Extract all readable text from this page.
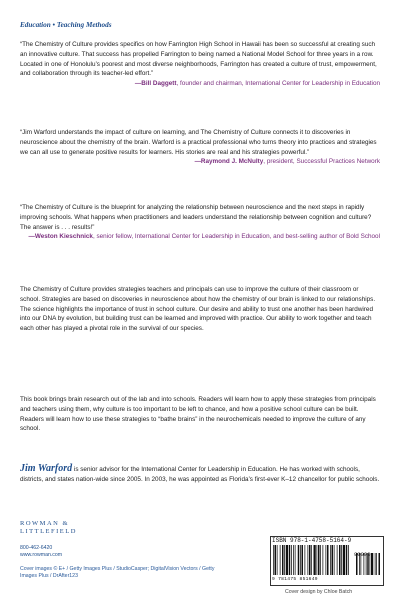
Education • Teaching Methods

“The Chemistry of Culture provides specifics on how Farrington High School in Hawaii has been so successful at creating such an innovative culture. That success has propelled Farrington to being named a National Model School for three years in a row. Located in one of Honolulu’s poorest and most diverse neighborhoods, Farrington has created a culture of trust, empowerment, and collaboration through its teacher-led effort.”
—Bill Daggett, founder and chairman, International Center for Leadership in Education

“Jim Warford understands the impact of culture on learning, and The Chemistry of Culture connects it to discoveries in neuroscience about the chemistry of the brain. Warford is a practical professional who turns theory into practices and strategies we can all use to generate positive results for learners. His stories are real and his strategies powerful.”
—Raymond J. McNulty, president, Successful Practices Network

“The Chemistry of Culture is the blueprint for analyzing the relationship between neuroscience and the next steps in rapidly improving schools. What happens when practitioners and leaders understand the relationship between cognition and culture? The answer is . . . results!”
—Weston Kieschnick, senior fellow, International Center for Leadership in Education, and best-selling author of Bold School

The Chemistry of Culture provides strategies teachers and principals can use to improve the culture of their classroom or school. Strategies are based on discoveries in neuroscience about how the chemistry of our brain is linked to our relationships. The science highlights the importance of trust in school culture. Our desire and ability to trust one another has been hardwired into our DNA by evolution, but building trust can be learned and improved with practice. Our ability to work together and teach each other has played a pivotal role in the survival of our species.

This book brings brain research out of the lab and into schools. Readers will learn how to apply these strategies from principals and teachers using them, why culture is too important to be left to chance, and how a positive school culture can be built. Readers will learn how to use these strategies to “bathe brains” in the neurochemicals needed to improve the culture of any school.

Jim Warford is senior advisor for the International Center for Leadership in Education. He has worked with schools, districts, and states nation-wide since 2005. In 2003, he was appointed as Florida’s first-ever K–12 chancellor for public schools.

ROWMAN &
LITTLEFIELD
800-462-6420
www.rowman.com
Cover images © E+ / Getty Images Plus / StudioCasper; DigitalVision Vectors / Getty Images Plus / DrAfter123
ISBN 978-1-4758-5164-9
90000
9 781475 851649
Cover design by Chloe Batch
